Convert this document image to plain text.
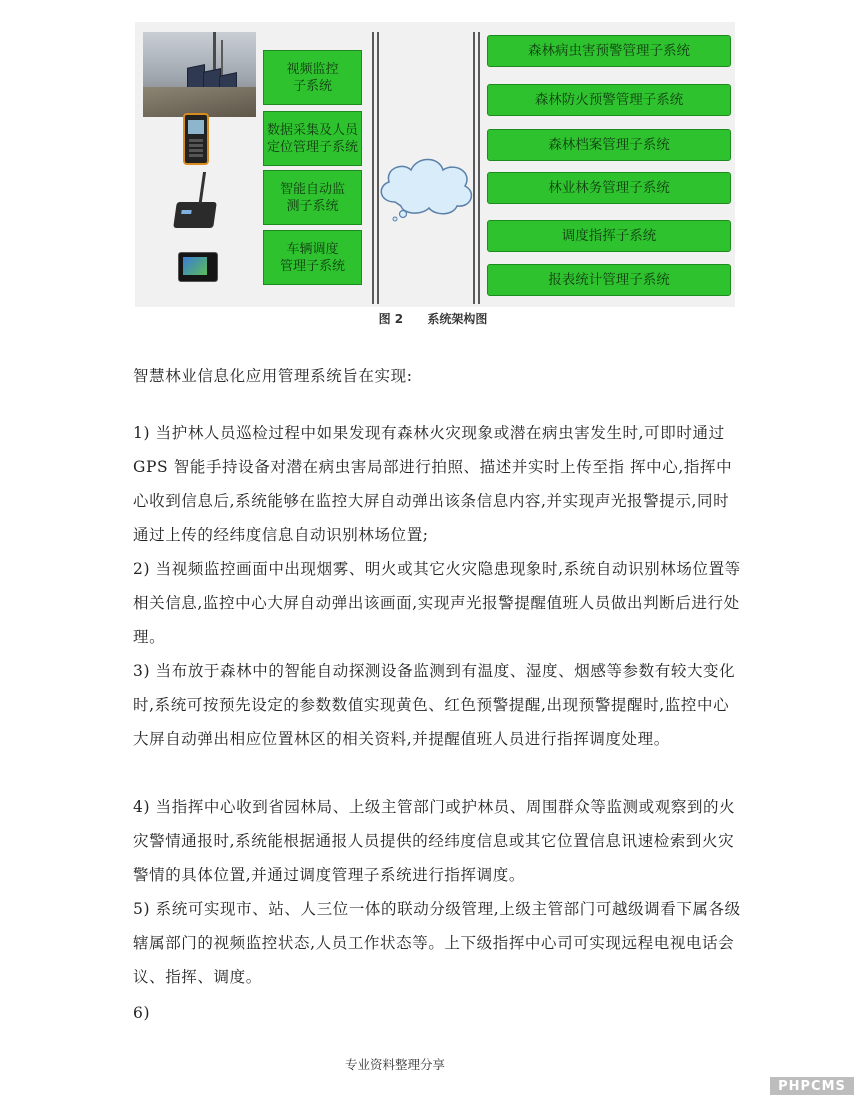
视频监控
子系统
数据采集及人员
定位管理子系统
智能自动监
测子系统
车辆调度
管理子系统
森林病虫害预警管理子系统
森林防火预警管理子系统
森林档案管理子系统
林业林务管理子系统
调度指挥子系统
报表统计管理子系统
图 2 系统架构图

智慧林业信息化应用管理系统旨在实现:

1) 当护林人员巡检过程中如果发现有森林火灾现象或潜在病虫害发生时,可即时通过 GPS 智能手持设备对潜在病虫害局部进行拍照、描述并实时上传至指 挥中心,指挥中心收到信息后,系统能够在监控大屏自动弹出该条信息内容,并实现声光报警提示,同时通过上传的经纬度信息自动识别林场位置;

2) 当视频监控画面中出现烟雾、明火或其它火灾隐患现象时,系统自动识别林场位置等相关信息,监控中心大屏自动弹出该画面,实现声光报警提醒值班人员做出判断后进行处理。

3) 当布放于森林中的智能自动探测设备监测到有温度、湿度、烟感等参数有较大变化时,系统可按预先设定的参数数值实现黄色、红色预警提醒,出现预警提醒时,监控中心大屏自动弹出相应位置林区的相关资料,并提醒值班人员进行指挥调度处理。

4) 当指挥中心收到省园林局、上级主管部门或护林员、周围群众等监测或观察到的火灾警情通报时,系统能根据通报人员提供的经纬度信息或其它位置信息讯速检索到火灾警情的具体位置,并通过调度管理子系统进行指挥调度。

5) 系统可实现市、站、人三位一体的联动分级管理,上级主管部门可越级调看下属各级辖属部门的视频监控状态,人员工作状态等。上下级指挥中心司可实现远程电视电话会议、指挥、调度。

6)

专业资料整理分享
PHPCMS
